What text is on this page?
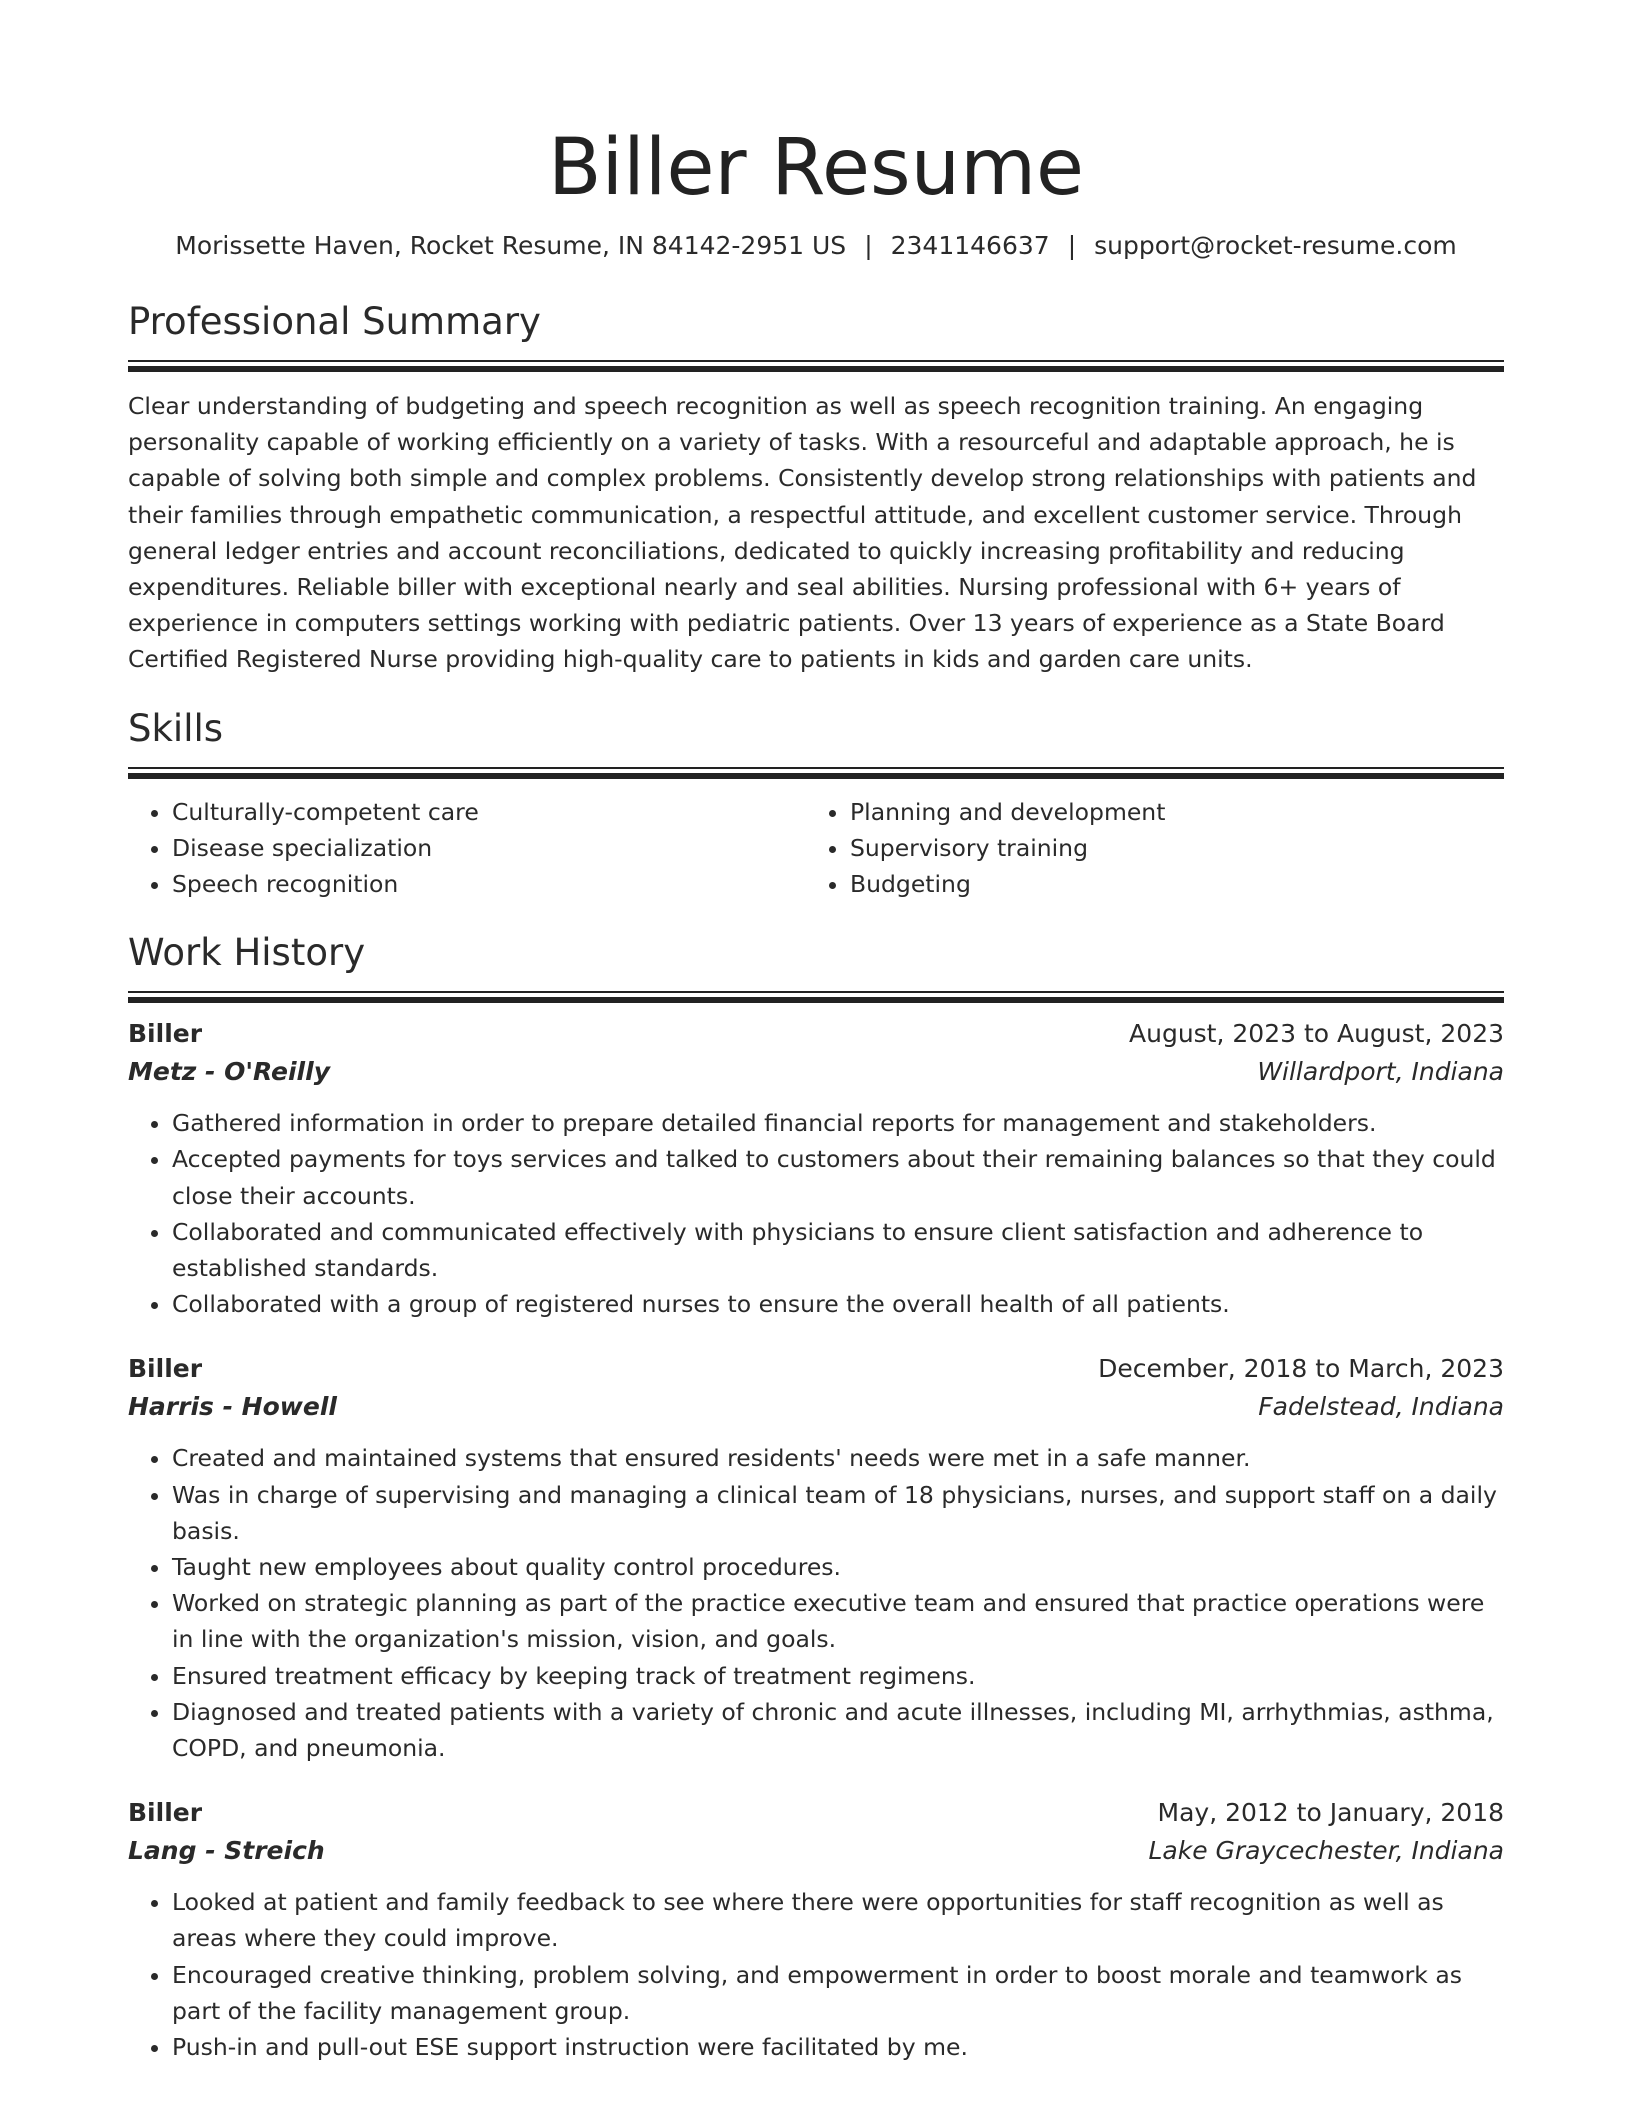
Biller Resume
Morissette Haven, Rocket Resume, IN 84142-2951 US | 2341146637 | support@rocket-resume.com
Professional Summary
Clear understanding of budgeting and speech recognition as well as speech recognition training. An engaging personality capable of working efficiently on a variety of tasks. With a resourceful and adaptable approach, he is capable of solving both simple and complex problems. Consistently develop strong relationships with patients and their families through empathetic communication, a respectful attitude, and excellent customer service. Through general ledger entries and account reconciliations, dedicated to quickly increasing profitability and reducing expenditures. Reliable biller with exceptional nearly and seal abilities. Nursing professional with 6+ years of experience in computers settings working with pediatric patients. Over 13 years of experience as a State Board Certified Registered Nurse providing high-quality care to patients in kids and garden care units.
Skills
• Culturally-competent care
• Disease specialization
• Speech recognition
• Planning and development
• Supervisory training
• Budgeting
Work History
Biller	August, 2023 to August, 2023
Metz - O'Reilly	Willardport, Indiana
• Gathered information in order to prepare detailed financial reports for management and stakeholders.
• Accepted payments for toys services and talked to customers about their remaining balances so that they could close their accounts.
• Collaborated and communicated effectively with physicians to ensure client satisfaction and adherence to established standards.
• Collaborated with a group of registered nurses to ensure the overall health of all patients.
Biller	December, 2018 to March, 2023
Harris - Howell	Fadelstead, Indiana
• Created and maintained systems that ensured residents' needs were met in a safe manner.
• Was in charge of supervising and managing a clinical team of 18 physicians, nurses, and support staff on a daily basis.
• Taught new employees about quality control procedures.
• Worked on strategic planning as part of the practice executive team and ensured that practice operations were in line with the organization's mission, vision, and goals.
• Ensured treatment efficacy by keeping track of treatment regimens.
• Diagnosed and treated patients with a variety of chronic and acute illnesses, including MI, arrhythmias, asthma, COPD, and pneumonia.
Biller	May, 2012 to January, 2018
Lang - Streich	Lake Graycechester, Indiana
• Looked at patient and family feedback to see where there were opportunities for staff recognition as well as areas where they could improve.
• Encouraged creative thinking, problem solving, and empowerment in order to boost morale and teamwork as part of the facility management group.
• Push-in and pull-out ESE support instruction were facilitated by me.
